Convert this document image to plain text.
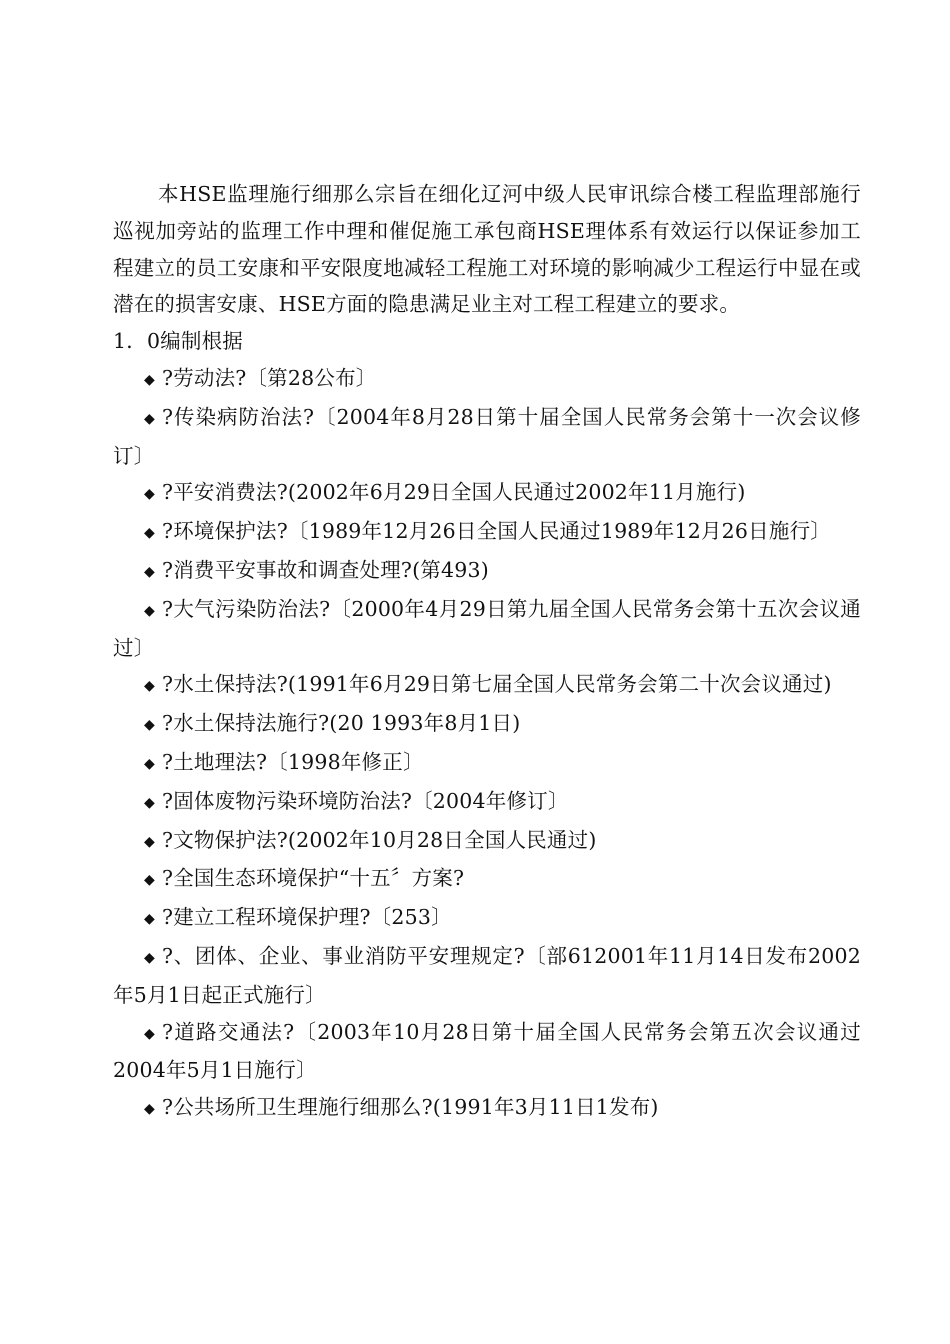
本HSE监理施行细那么宗旨在细化辽河中级人民审讯综合楼工程监理部施行巡视加旁站的监理工作中理和催促施工承包商HSE理体系有效运行以保证参加工程建立的员工安康和平安限度地减轻工程施工对环境的影响减少工程运行中显在或潜在的损害安康、HSE方面的隐患满足业主对工程工程建立的要求。

1．0编制根据

◆ ?劳动法?〔第28公布〕
◆ ?传染病防治法?〔2004年8月28日第十届全国人民常务会第十一次会议修订〕
◆ ?平安消费法?(2002年6月29日全国人民通过2002年11月施行)
◆ ?环境保护法?〔1989年12月26日全国人民通过1989年12月26日施行〕
◆ ?消费平安事故和调查处理?(第493)
◆ ?大气污染防治法?〔2000年4月29日第九届全国人民常务会第十五次会议通过〕
◆ ?水土保持法?(1991年6月29日第七届全国人民常务会第二十次会议通过)
◆ ?水土保持法施行?(20 1993年8月1日)
◆ ?土地理法?〔1998年修正〕
◆ ?固体废物污染环境防治法?〔2004年修订〕
◆ ?文物保护法?(2002年10月28日全国人民通过)
◆ ?全国生态环境保护“十五〞方案?
◆ ?建立工程环境保护理?〔253〕
◆ ?、团体、企业、事业消防平安理规定?〔部612001年11月14日发布2002年5月1日起正式施行〕
◆ ?道路交通法?〔2003年10月28日第十届全国人民常务会第五次会议通过2004年5月1日施行〕
◆ ?公共场所卫生理施行细那么?(1991年3月11日1发布)
